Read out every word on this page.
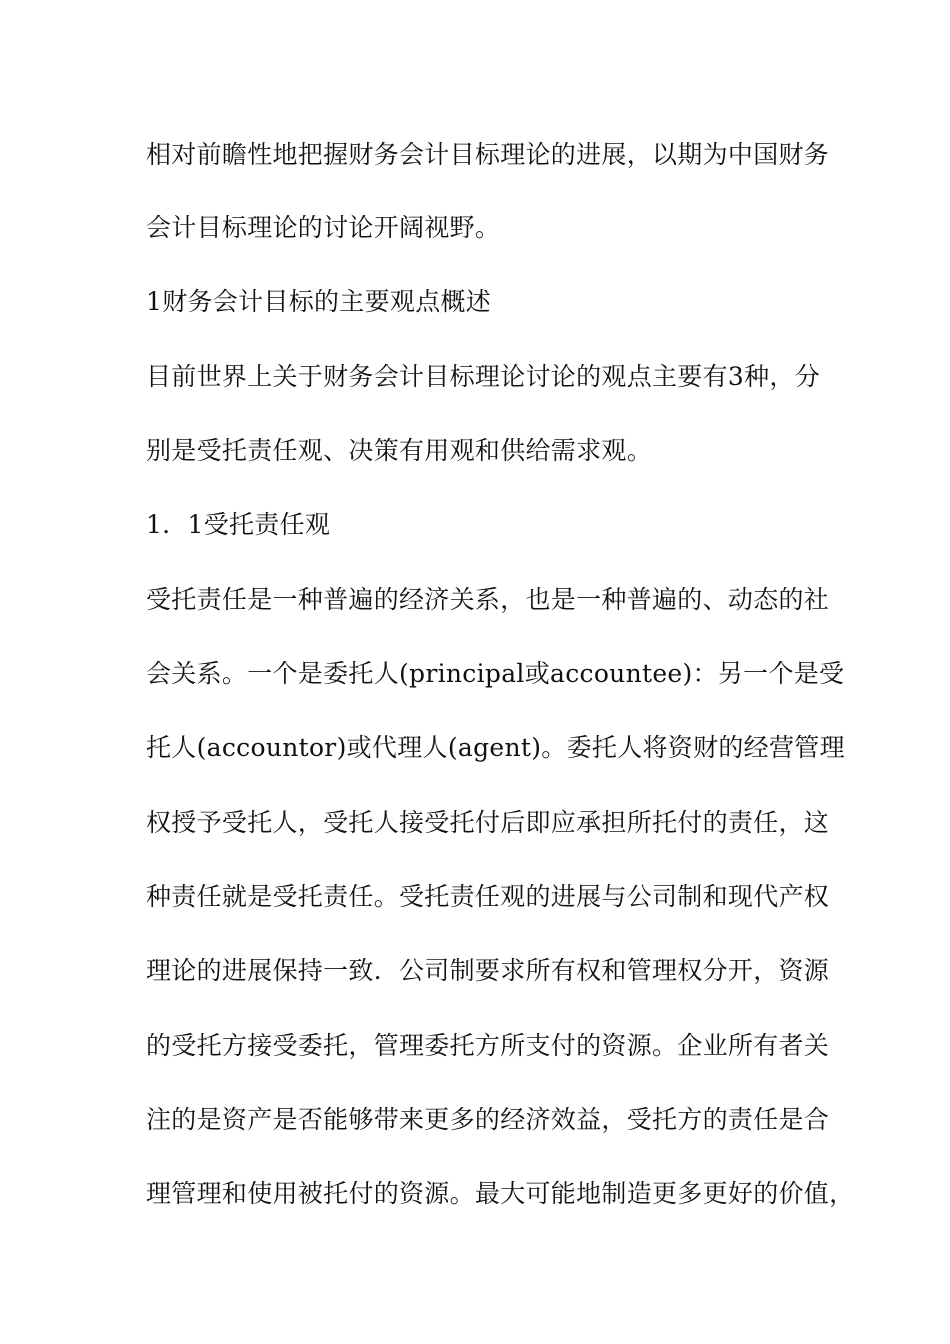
相对前瞻性地把握财务会计目标理论的进展，以期为中国财务
会计目标理论的讨论开阔视野。
1财务会计目标的主要观点概述
目前世界上关于财务会计目标理论讨论的观点主要有3种，分
别是受托责任观、决策有用观和供给需求观。
1．1受托责任观
受托责任是一种普遍的经济关系，也是一种普遍的、动态的社
会关系。一个是委托人(principal或accountee)：另一个是受
托人(accountor)或代理人(agent)。委托人将资财的经营管理
权授予受托人，受托人接受托付后即应承担所托付的责任，这
种责任就是受托责任。受托责任观的进展与公司制和现代产权
理论的进展保持一致．公司制要求所有权和管理权分开，资源
的受托方接受委托，管理委托方所支付的资源。企业所有者关
注的是资产是否能够带来更多的经济效益，受托方的责任是合
理管理和使用被托付的资源。最大可能地制造更多更好的价值，
